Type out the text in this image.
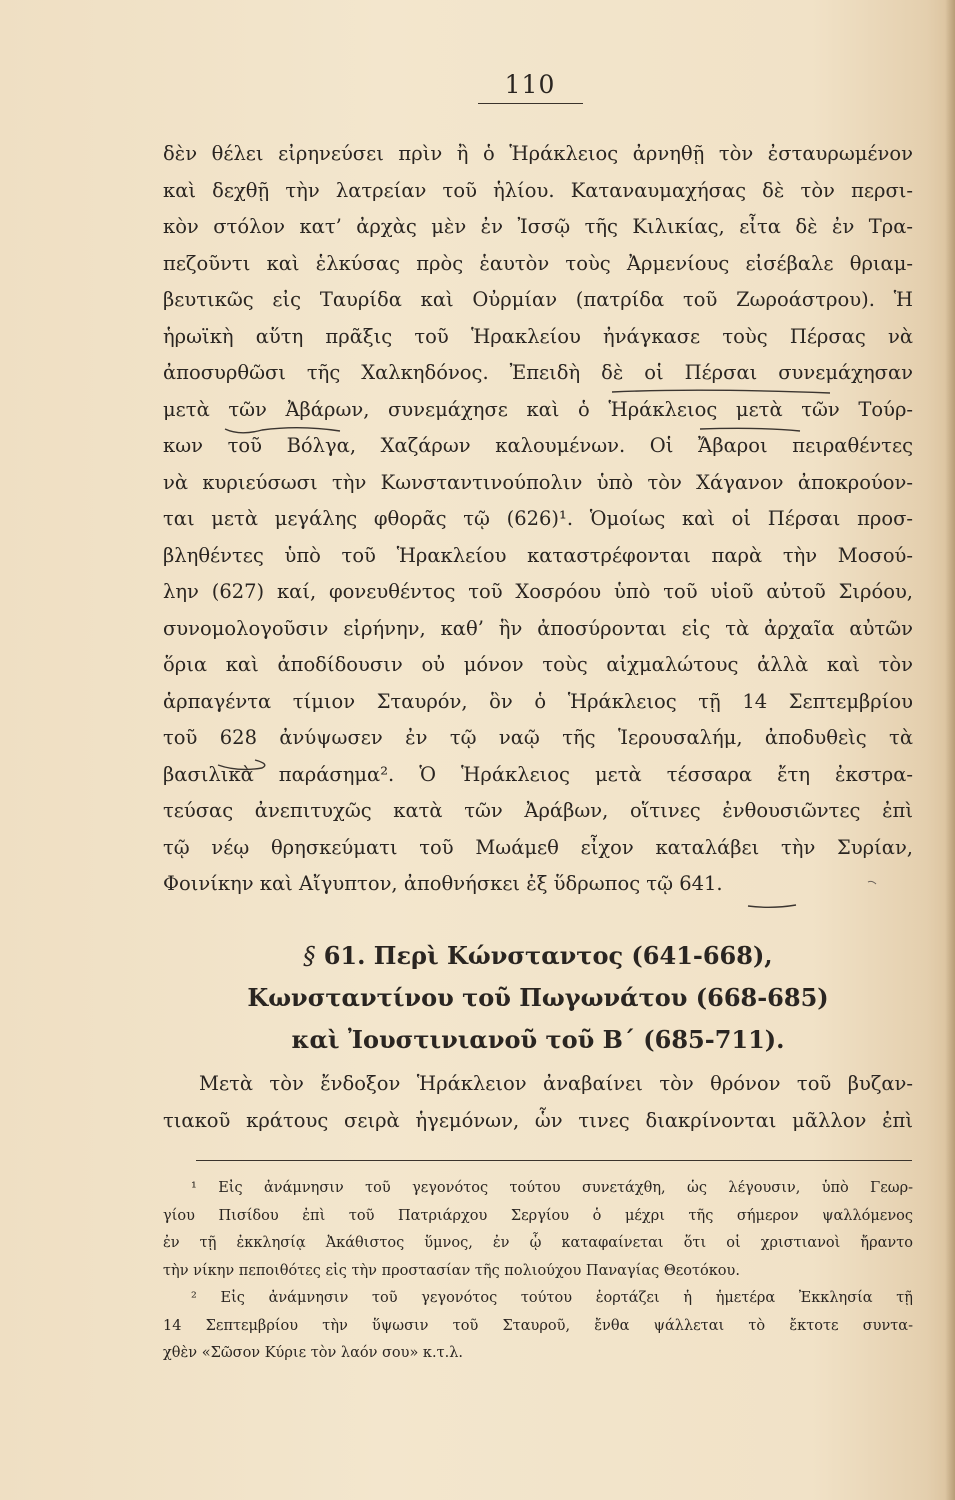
110
δὲν θέλει εἰρηνεύσει πρὶν ἢ ὁ Ἡράκλειος ἀρνηθῇ τὸν ἐσταυρωμένον
καὶ δεχθῇ τὴν λατρείαν τοῦ ἡλίου. Καταναυμαχήσας δὲ τὸν περσι-
κὸν στόλον κατ’ ἀρχὰς μὲν ἐν Ἰσσῷ τῆς Κιλικίας, εἶτα δὲ ἐν Τρα-
πεζοῦντι καὶ ἑλκύσας πρὸς ἑαυτὸν τοὺς Ἀρμενίους εἰσέβαλε θριαμ-
βευτικῶς εἰς Ταυρίδα καὶ Οὐρμίαν (πατρίδα τοῦ Ζωροάστρου). Ἡ
ἡρωϊκὴ αὕτη πρᾶξις τοῦ Ἡρακλείου ἠνάγκασε τοὺς Πέρσας νὰ
ἀποσυρθῶσι τῆς Χαλκηδόνος. Ἐπειδὴ δὲ οἱ Πέρσαι συνεμάχησαν
μετὰ τῶν Ἀβάρων, συνεμάχησε καὶ ὁ Ἡράκλειος μετὰ τῶν Τούρ-
κων τοῦ Βόλγα, Χαζάρων καλουμένων. Οἱ Ἄβαροι πειραθέντες
νὰ κυριεύσωσι τὴν Κωνσταντινούπολιν ὑπὸ τὸν Χάγανον ἀποκρούον-
ται μετὰ μεγάλης φθορᾶς τῷ (626)¹. Ὁμοίως καὶ οἱ Πέρσαι προσ-
βληθέντες ὑπὸ τοῦ Ἡρακλείου καταστρέφονται παρὰ τὴν Μοσού-
λην (627) καί, φονευθέντος τοῦ Χοσρόου ὑπὸ τοῦ υἱοῦ αὐτοῦ Σιρόου,
συνομολογοῦσιν εἰρήνην, καθ’ ἣν ἀποσύρονται εἰς τὰ ἀρχαῖα αὐτῶν
ὅρια καὶ ἀποδίδουσιν οὐ μόνον τοὺς αἰχμαλώτους ἀλλὰ καὶ τὸν
ἁρπαγέντα τίμιον Σταυρόν, ὃν ὁ Ἡράκλειος τῇ 14 Σεπτεμβρίου
τοῦ 628 ἀνύψωσεν ἐν τῷ ναῷ τῆς Ἱερουσαλήμ, ἀποδυθεὶς τὰ
βασιλικὰ παράσημα². Ὁ Ἡράκλειος μετὰ τέσσαρα ἔτη ἐκστρα-
τεύσας ἀνεπιτυχῶς κατὰ τῶν Ἀράβων, οἵτινες ἐνθουσιῶντες ἐπὶ
τῷ νέῳ θρησκεύματι τοῦ Μωάμεθ εἶχον καταλάβει τὴν Συρίαν,
Φοινίκην καὶ Αἴγυπτον, ἀποθνήσκει ἐξ ὕδρωπος τῷ 641.
§ 61. Περὶ Κώνσταντος (641-668),
Κωνσταντίνου τοῦ Πωγωνάτου (668-685)
καὶ Ἰουστινιανοῦ τοῦ Β΄ (685-711).
Μετὰ τὸν ἔνδοξον Ἡράκλειον ἀναβαίνει τὸν θρόνον τοῦ βυζαν-
τιακοῦ κράτους σειρὰ ἡγεμόνων, ὧν τινες διακρίνονται μᾶλλον ἐπὶ
¹ Εἰς ἀνάμνησιν τοῦ γεγονότος τούτου συνετάχθη, ὡς λέγουσιν, ὑπὸ Γεωρ-
γίου Πισίδου ἐπὶ τοῦ Πατριάρχου Σεργίου ὁ μέχρι τῆς σήμερον ψαλλόμενος
ἐν τῇ ἐκκλησίᾳ Ἀκάθιστος ὕμνος, ἐν ᾧ καταφαίνεται ὅτι οἱ χριστιανοὶ ἤραντο
τὴν νίκην πεποιθότες εἰς τὴν προστασίαν τῆς πολιούχου Παναγίας Θεοτόκου.
² Εἰς ἀνάμνησιν τοῦ γεγονότος τούτου ἑορτάζει ἡ ἡμετέρα Ἐκκλησία τῇ
14 Σεπτεμβρίου τὴν ὕψωσιν τοῦ Σταυροῦ, ἔνθα ψάλλεται τὸ ἔκτοτε συντα-
χθὲν «Σῶσον Κύριε τὸν λαόν σου» κ.τ.λ.
